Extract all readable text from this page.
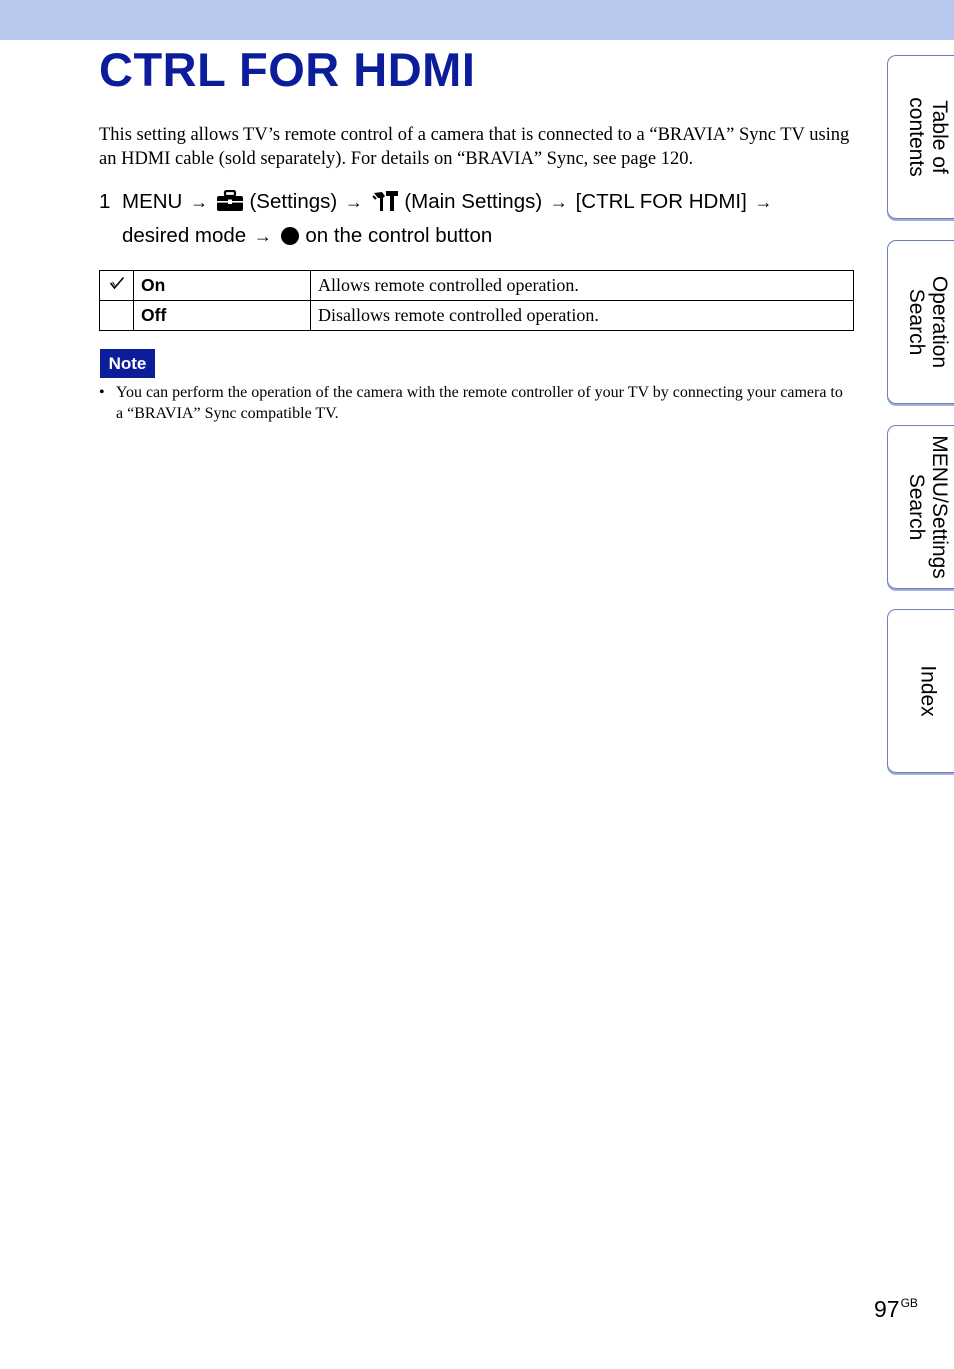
CTRL FOR HDMI

This setting allows TV’s remote control of a camera that is connected to a “BRAVIA” Sync TV using an HDMI cable (sold separately). For details on “BRAVIA” Sync, see page 120.

1 MENU → (Settings) → (Main Settings) → [CTRL FOR HDMI] →
desired mode → on the control button
	On	Allows remote controlled operation.
	Off	Disallows remote controlled operation.
Note
• You can perform the operation of the camera with the remote controller of your TV by connecting your camera to a “BRAVIA” Sync compatible TV.
Table of
contents
Operation
Search
MENU/Settings
Search
Index
$97^{GB}$
